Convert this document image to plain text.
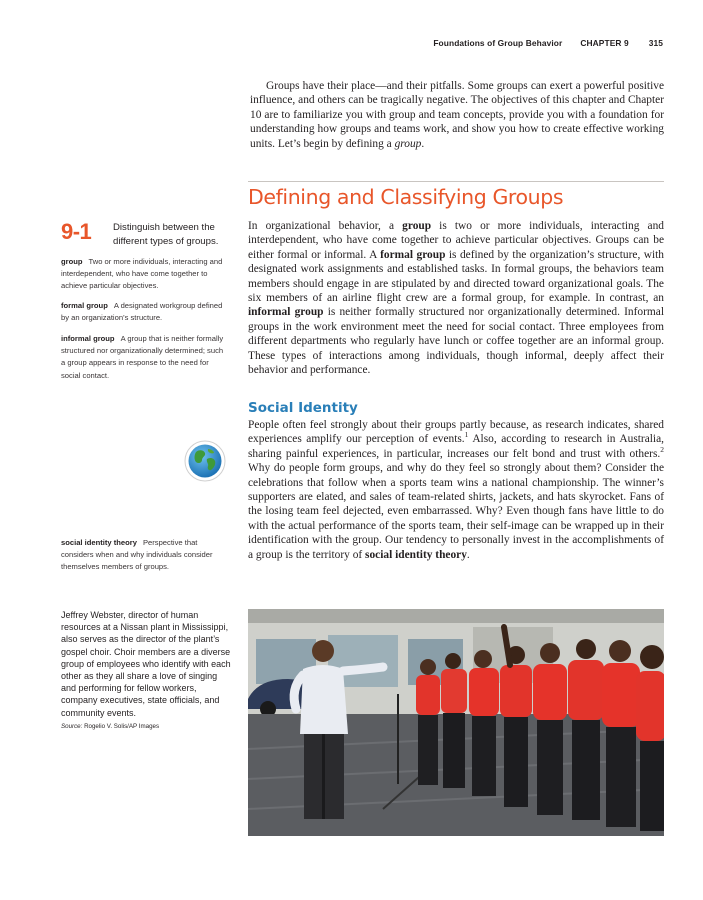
Foundations of Group Behavior CHAPTER 9 315

Groups have their place—and their pitfalls. Some groups can exert a powerful positive influence, and others can be tragically negative. The objectives of this chapter and Chapter 10 are to familiarize you with group and team concepts, provide you with a foundation for understanding how groups and teams work, and show you how to create effective working units. Let’s begin by defining a group.

Defining and Classifying Groups

In organizational behavior, a group is two or more individuals, interacting and interdependent, who have come together to achieve particular objectives. Groups can be either formal or informal. A formal group is defined by the organization’s structure, with designated work assignments and established tasks. In formal groups, the behaviors team members should engage in are stipulated by and directed toward organizational goals. The six members of an airline flight crew are a formal group, for example. In contrast, an informal group is neither formally structured nor organizationally determined. Informal groups in the work environment meet the need for social contact. Three employees from different departments who regularly have lunch or coffee together are an informal group. These types of interactions among individuals, though informal, deeply affect their behavior and performance.

Social Identity

People often feel strongly about their groups partly because, as research indicates, shared experiences amplify our perception of events.$^1$ Also, according to research in Australia, sharing painful experiences, in particular, increases our felt bond and trust with others.$^2$ Why do people form groups, and why do they feel so strongly about them? Consider the celebrations that follow when a sports team wins a national championship. The winner’s supporters are elated, and sales of team-related shirts, jackets, and hats skyrocket. Fans of the losing team feel dejected, even embarrassed. Why? Even though fans have little to do with the actual performance of the sports team, their self-image can be wrapped up in their identification with the group. Our tendency to personally invest in the accomplishments of a group is the territory of social identity theory.

9-1 Distinguish between the different types of groups.
group Two or more individuals, interacting and interdependent, who have come together to achieve particular objectives.
formal group A designated workgroup defined by an organization’s structure.
informal group A group that is neither formally structured nor organizationally determined; such a group appears in response to the need for social contact.
social identity theory Perspective that considers when and why individuals consider themselves members of groups.
Jeffrey Webster, director of human resources at a Nissan plant in Mississippi, also serves as the director of the plant’s gospel choir. Choir members are a diverse group of employees who identify with each other as they all share a love of singing and performing for fellow workers, company executives, state officials, and community events.
Source: Rogelio V. Solis/AP Images
